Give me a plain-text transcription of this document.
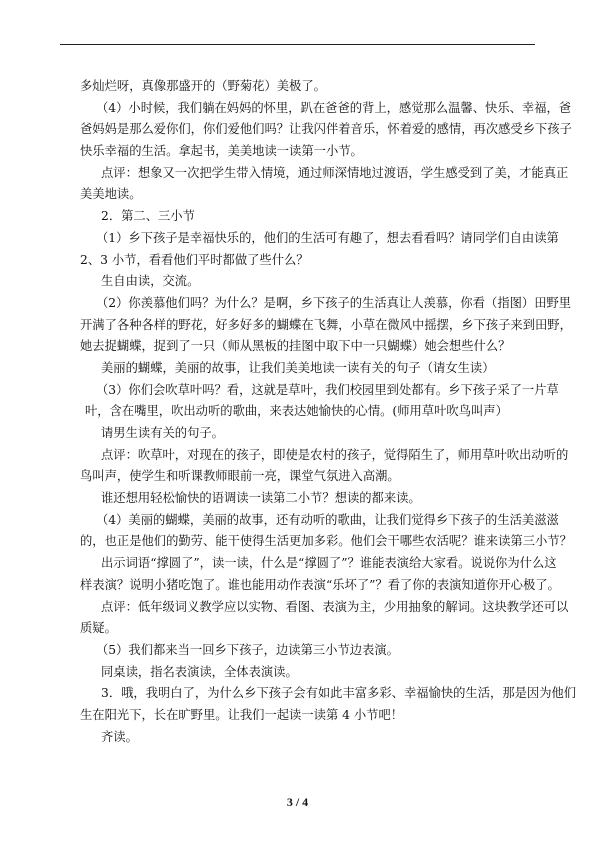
多灿烂呀，真像那盛开的（野菊花）美极了。
（4）小时候，我们躺在妈妈的怀里，趴在爸爸的背上，感觉那么温馨、快乐、幸福，爸
爸妈妈是那么爱你们，你们爱他们吗？让我闪伴着音乐，怀着爱的感情，再次感受乡下孩子
快乐幸福的生活。拿起书，美美地读一读第一小节。
点评：想象又一次把学生带入情境，通过师深情地过渡语，学生感受到了美，才能真正
美美地读。
2．第二、三小节
（1）乡下孩子是幸福快乐的，他们的生活可有趣了，想去看看吗？请同学们自由读第
2、3 小节，看看他们平时都做了些什么？
生自由读，交流。
（2）你羡慕他们吗？为什么？是啊，乡下孩子的生活真让人羡慕，你看（指图）田野里
开满了各种各样的野花，好多好多的蝴蝶在飞舞，小草在微风中摇摆，乡下孩子来到田野，
她去捉蝴蝶，捉到了一只（师从黑板的挂图中取下中一只蝴蝶）她会想些什么？
美丽的蝴蝶，美丽的故事，让我们美美地读一读有关的句子（请女生读）
（3）你们会吹草叶吗？看，这就是草叶，我们校园里到处都有。乡下孩子采了一片草
叶，含在嘴里，吹出动听的歌曲，来表达她愉快的心情。(师用草叶吹鸟叫声）
请男生读有关的句子。
点评：吹草叶，对现在的孩子，即使是农村的孩子，觉得陌生了，师用草叶吹出动听的
鸟叫声，使学生和听课教师眼前一亮，课堂气氛进入高潮。
谁还想用轻松愉快的语调读一读第二小节？想读的都来读。
（4）美丽的蝴蝶，美丽的故事，还有动听的歌曲，让我们觉得乡下孩子的生活美滋滋
的，也正是他们的勤劳、能干使得生活更加多彩。他们会干哪些农活呢？谁来读第三小节？
出示词语“撑圆了”，读一读，什么是“撑圆了”？谁能表演给大家看。说说你为什么这
样表演？说明小猪吃饱了。谁也能用动作表演“乐坏了”？看了你的表演知道你开心极了。
点评：低年级词义教学应以实物、看图、表演为主，少用抽象的解词。这块教学还可以
质疑。
（5）我们都来当一回乡下孩子，边读第三小节边表演。
同桌读，指名表演读，全体表演读。
3．哦，我明白了，为什么乡下孩子会有如此丰富多彩、幸福愉快的生活，那是因为他们
生在阳光下，长在旷野里。让我们一起读一读第 4 小节吧！
齐读。
3 / 4
